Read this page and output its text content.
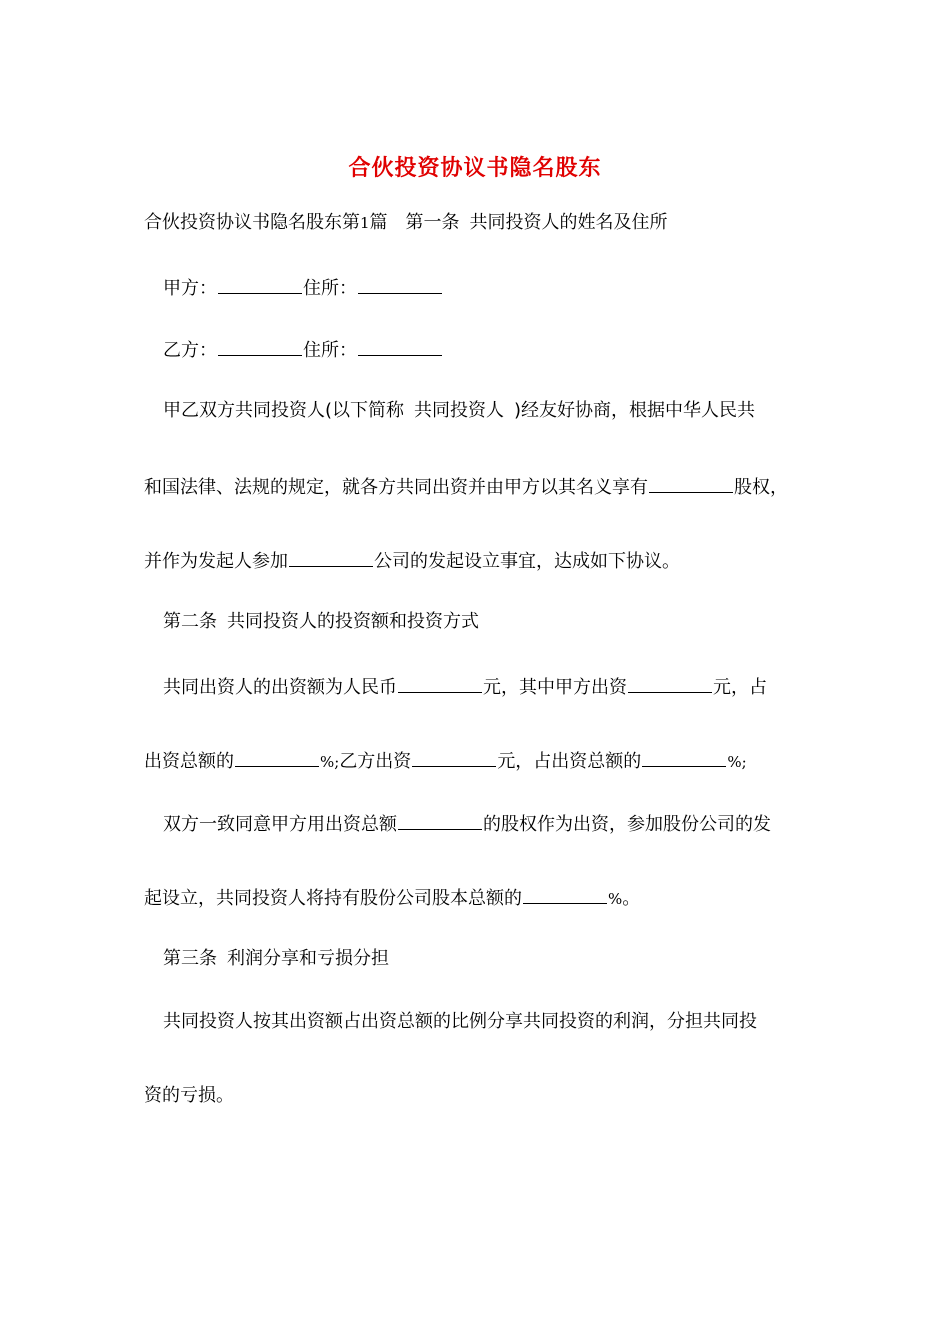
合伙投资协议书隐名股东
合伙投资协议书隐名股东第1篇 第一条 共同投资人的姓名及住所
甲方：	住所：
乙方：	住所：
甲乙双方共同投资人(以下简称 共同投资人 )经友好协商，根据中华人民共
和国法律、法规的规定，就各方共同出资并由甲方以其名义享有	股权，
并作为发起人参加	公司的发起设立事宜，达成如下协议。
第二条 共同投资人的投资额和投资方式
共同出资人的出资额为人民币	元，其中甲方出资	元，占
出资总额的	%;乙方出资	元，占出资总额的	%;
双方一致同意甲方用出资总额	的股权作为出资，参加股份公司的发
起设立，共同投资人将持有股份公司股本总额的	%。
第三条 利润分享和亏损分担
共同投资人按其出资额占出资总额的比例分享共同投资的利润，分担共同投
资的亏损。
